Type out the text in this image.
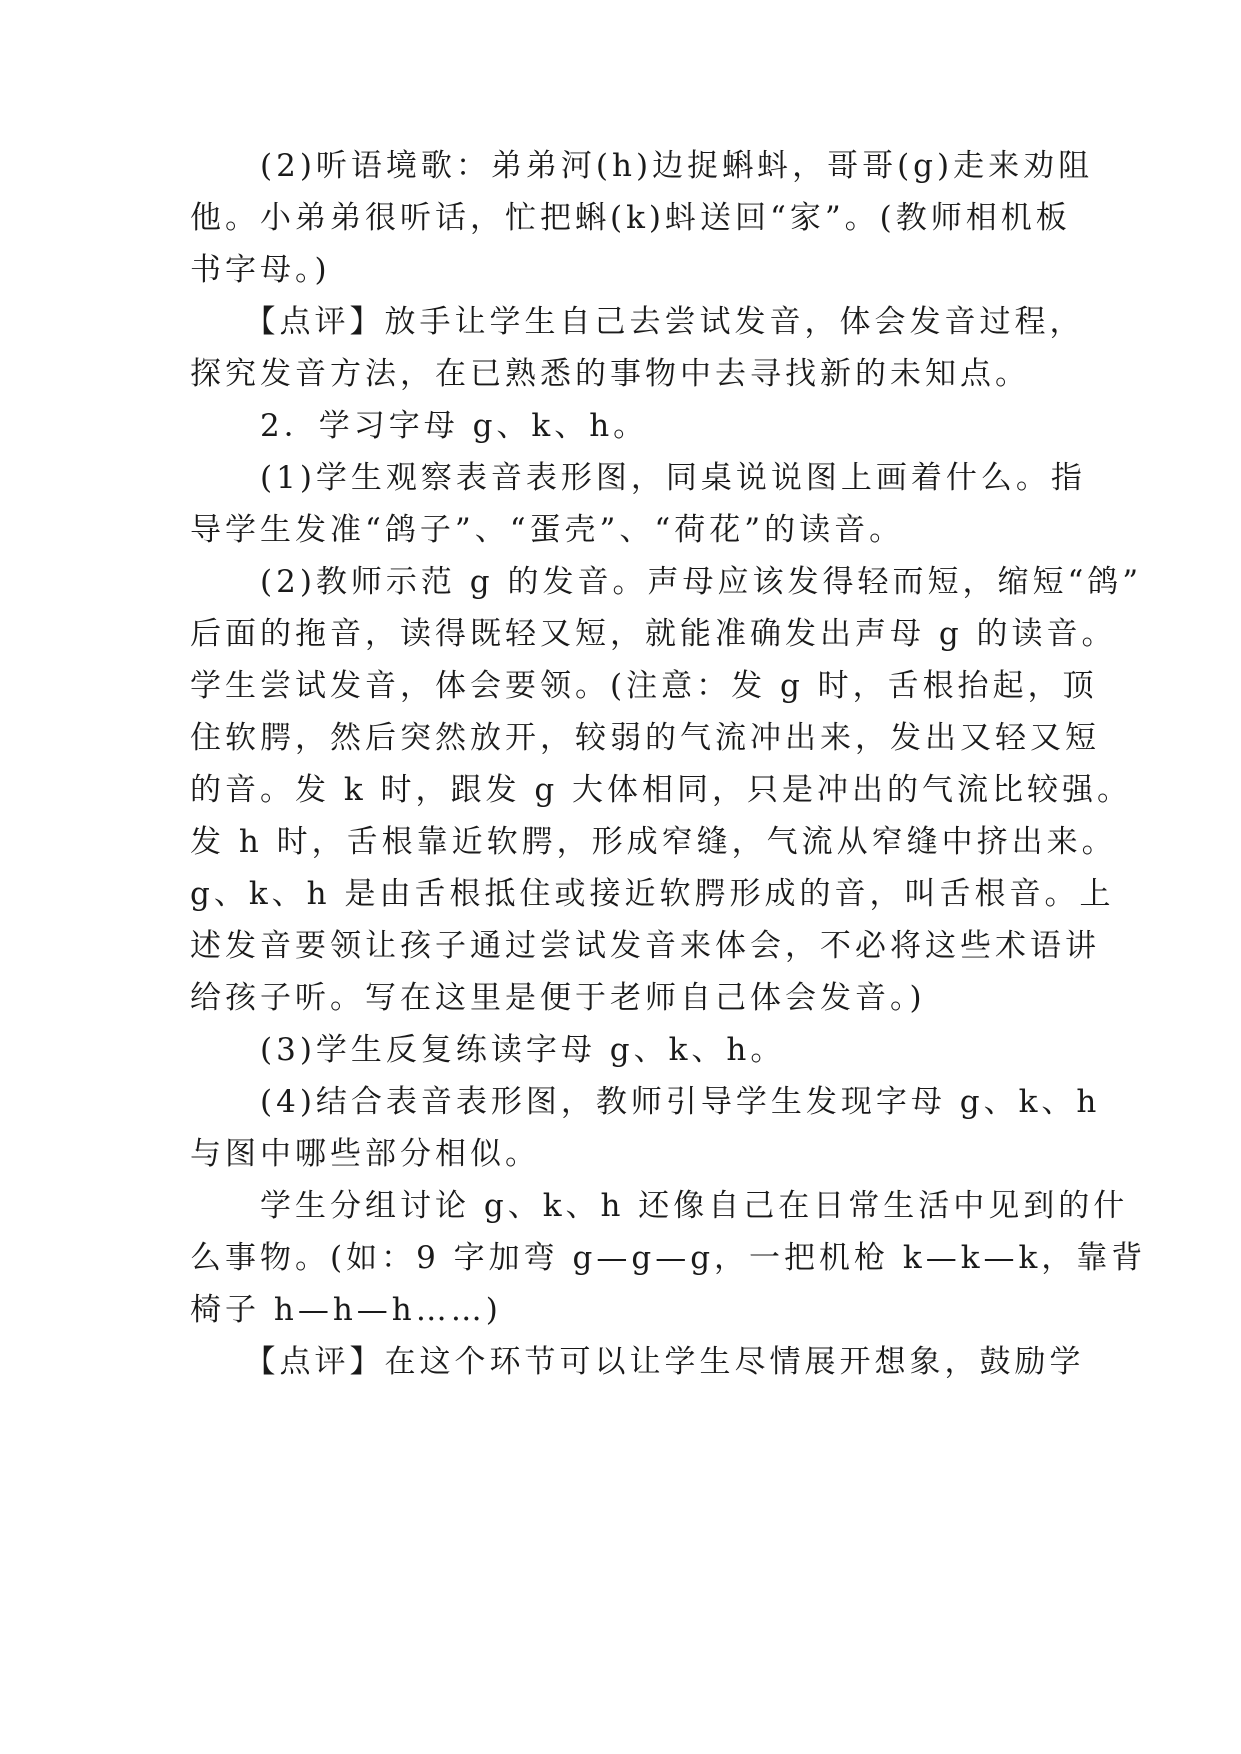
　　(2)听语境歌：弟弟河(h)边捉蝌蚪，哥哥(g)走来劝阻
他。小弟弟很听话，忙把蝌(k)蚪送回“家”。(教师相机板
书字母。)

　　【点评】放手让学生自己去尝试发音，体会发音过程，
探究发音方法，在已熟悉的事物中去寻找新的未知点。

　　2．学习字母 g、k、h。

　　(1)学生观察表音表形图，同桌说说图上画着什么。指
导学生发准“鸽子”、“蛋壳”、“荷花”的读音。

　　(2)教师示范 g 的发音。声母应该发得轻而短，缩短“鸽”
后面的拖音，读得既轻又短，就能准确发出声母 g 的读音。
学生尝试发音，体会要领。(注意：发 g 时，舌根抬起，顶
住软腭，然后突然放开，较弱的气流冲出来，发出又轻又短
的音。发 k 时，跟发 g 大体相同，只是冲出的气流比较强。
发 h 时，舌根靠近软腭，形成窄缝，气流从窄缝中挤出来。
g、k、h 是由舌根抵住或接近软腭形成的音，叫舌根音。上
述发音要领让孩子通过尝试发音来体会，不必将这些术语讲
给孩子听。写在这里是便于老师自己体会发音。)

　　(3)学生反复练读字母 g、k、h。

　　(4)结合表音表形图，教师引导学生发现字母 g、k、h
与图中哪些部分相似。

　　学生分组讨论 g、k、h 还像自己在日常生活中见到的什
么事物。(如：9 字加弯 g—g—g，一把机枪 k—k—k，靠背
椅子 h—h—h……)

　　【点评】在这个环节可以让学生尽情展开想象，鼓励学
